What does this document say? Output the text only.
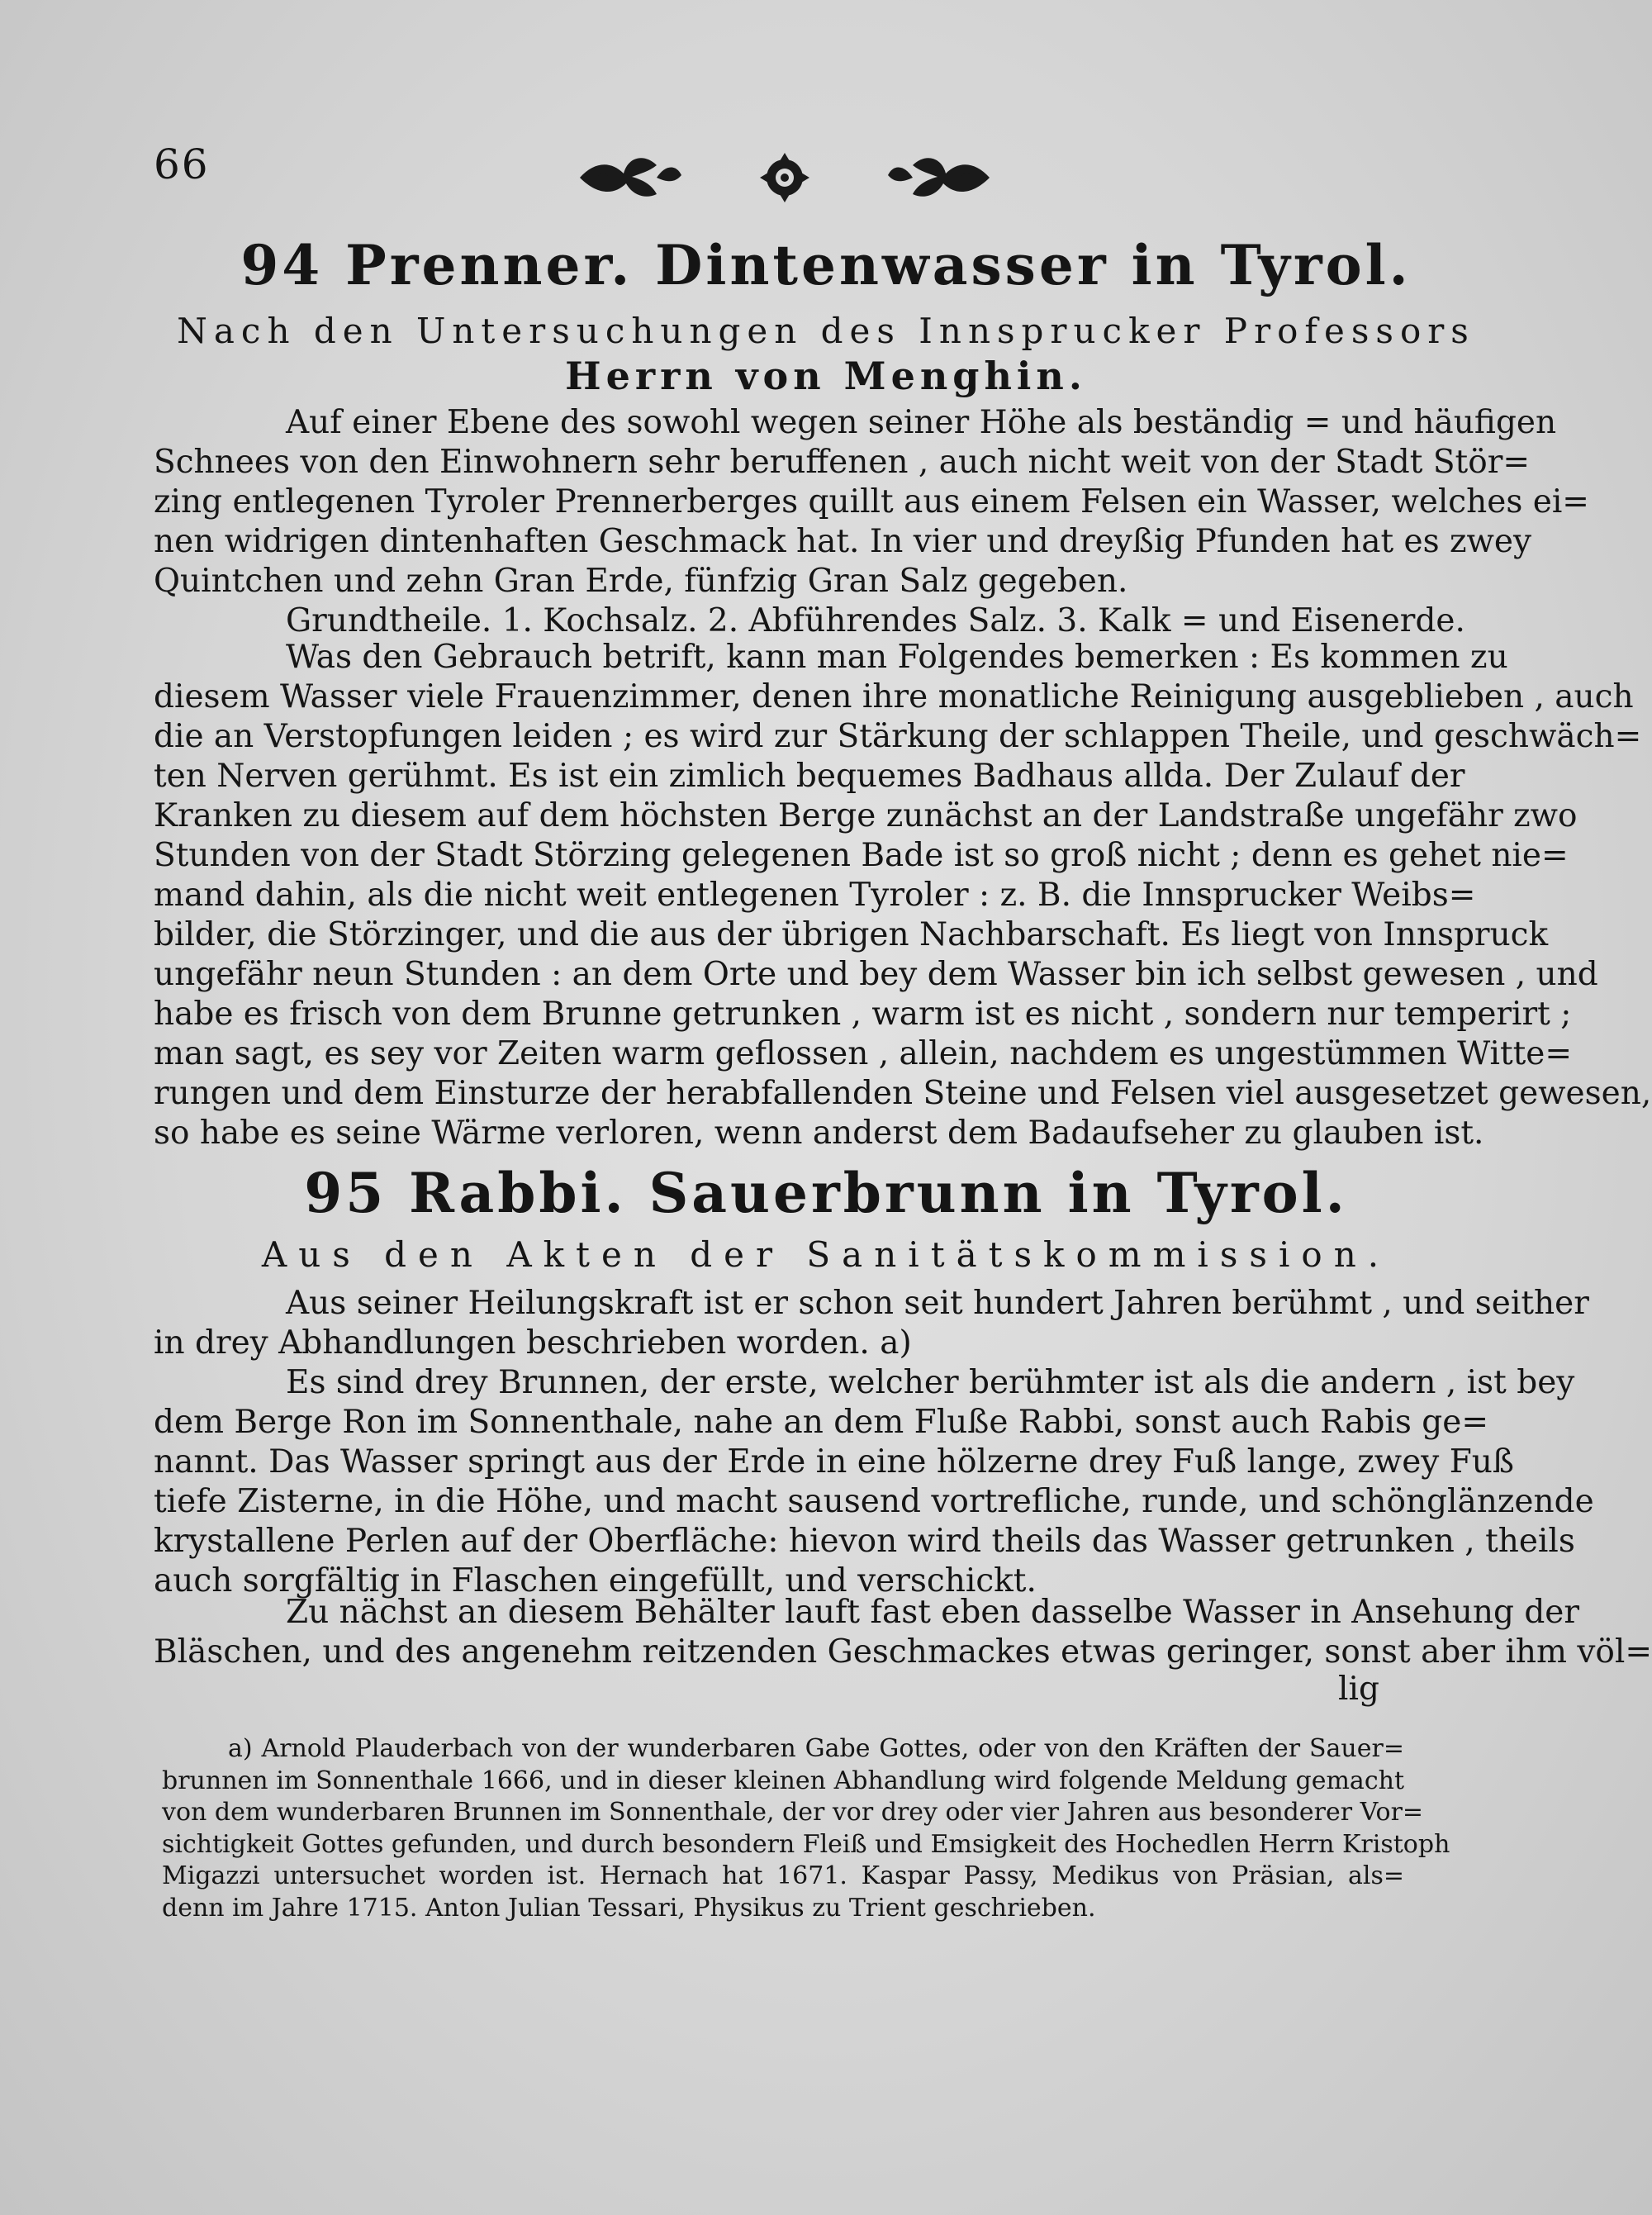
66
94 Prenner. Dintenwasser in Tyrol.
Nach den Untersuchungen des Innsprucker Professors
Herrn von Menghin.
Auf einer Ebene des sowohl wegen seiner Höhe als beständig = und häufigen
Schnees von den Einwohnern sehr beruffenen , auch nicht weit von der Stadt Stör=
zing entlegenen Tyroler Prennerberges quillt aus einem Felsen ein Wasser, welches ei=
nen widrigen dintenhaften Geschmack hat. In vier und dreyßig Pfunden hat es zwey
Quintchen und zehn Gran Erde, fünfzig Gran Salz gegeben.
Grundtheile. 1. Kochsalz. 2. Abführendes Salz. 3. Kalk = und Eisenerde.
Was den Gebrauch betrift, kann man Folgendes bemerken : Es kommen zu
diesem Wasser viele Frauenzimmer, denen ihre monatliche Reinigung ausgeblieben , auch
die an Verstopfungen leiden ; es wird zur Stärkung der schlappen Theile, und geschwäch=
ten Nerven gerühmt. Es ist ein zimlich bequemes Badhaus allda. Der Zulauf der
Kranken zu diesem auf dem höchsten Berge zunächst an der Landstraße ungefähr zwo
Stunden von der Stadt Störzing gelegenen Bade ist so groß nicht ; denn es gehet nie=
mand dahin, als die nicht weit entlegenen Tyroler : z. B. die Innsprucker Weibs=
bilder, die Störzinger, und die aus der übrigen Nachbarschaft. Es liegt von Innspruck
ungefähr neun Stunden : an dem Orte und bey dem Wasser bin ich selbst gewesen , und
habe es frisch von dem Brunne getrunken , warm ist es nicht , sondern nur temperirt ;
man sagt, es sey vor Zeiten warm geflossen , allein, nachdem es ungestümmen Witte=
rungen und dem Einsturze der herabfallenden Steine und Felsen viel ausgesetzet gewesen,
so habe es seine Wärme verloren, wenn anderst dem Badaufseher zu glauben ist.
95 Rabbi. Sauerbrunn in Tyrol.
Aus den Akten der Sanitätskommission.
Aus seiner Heilungskraft ist er schon seit hundert Jahren berühmt , und seither
in drey Abhandlungen beschrieben worden. a)
Es sind drey Brunnen, der erste, welcher berühmter ist als die andern , ist bey
dem Berge Ron im Sonnenthale, nahe an dem Fluße Rabbi, sonst auch Rabis ge=
nannt. Das Wasser springt aus der Erde in eine hölzerne drey Fuß lange, zwey Fuß
tiefe Zisterne, in die Höhe, und macht sausend vortrefliche, runde, und schönglänzende
krystallene Perlen auf der Oberfläche: hievon wird theils das Wasser getrunken , theils
auch sorgfältig in Flaschen eingefüllt, und verschickt.
Zu nächst an diesem Behälter lauft fast eben dasselbe Wasser in Ansehung der
Bläschen, und des angenehm reitzenden Geschmackes etwas geringer, sonst aber ihm völ=
lig
a) Arnold Plauderbach von der wunderbaren Gabe Gottes, oder von den Kräften der Sauer=
brunnen im Sonnenthale 1666, und in dieser kleinen Abhandlung wird folgende Meldung gemacht
von dem wunderbaren Brunnen im Sonnenthale, der vor drey oder vier Jahren aus besonderer Vor=
sichtigkeit Gottes gefunden, und durch besondern Fleiß und Emsigkeit des Hochedlen Herrn Kristoph
Migazzi untersuchet worden ist. Hernach hat 1671. Kaspar Passy, Medikus von Präsian, als=
denn im Jahre 1715. Anton Julian Tessari, Physikus zu Trient geschrieben.
